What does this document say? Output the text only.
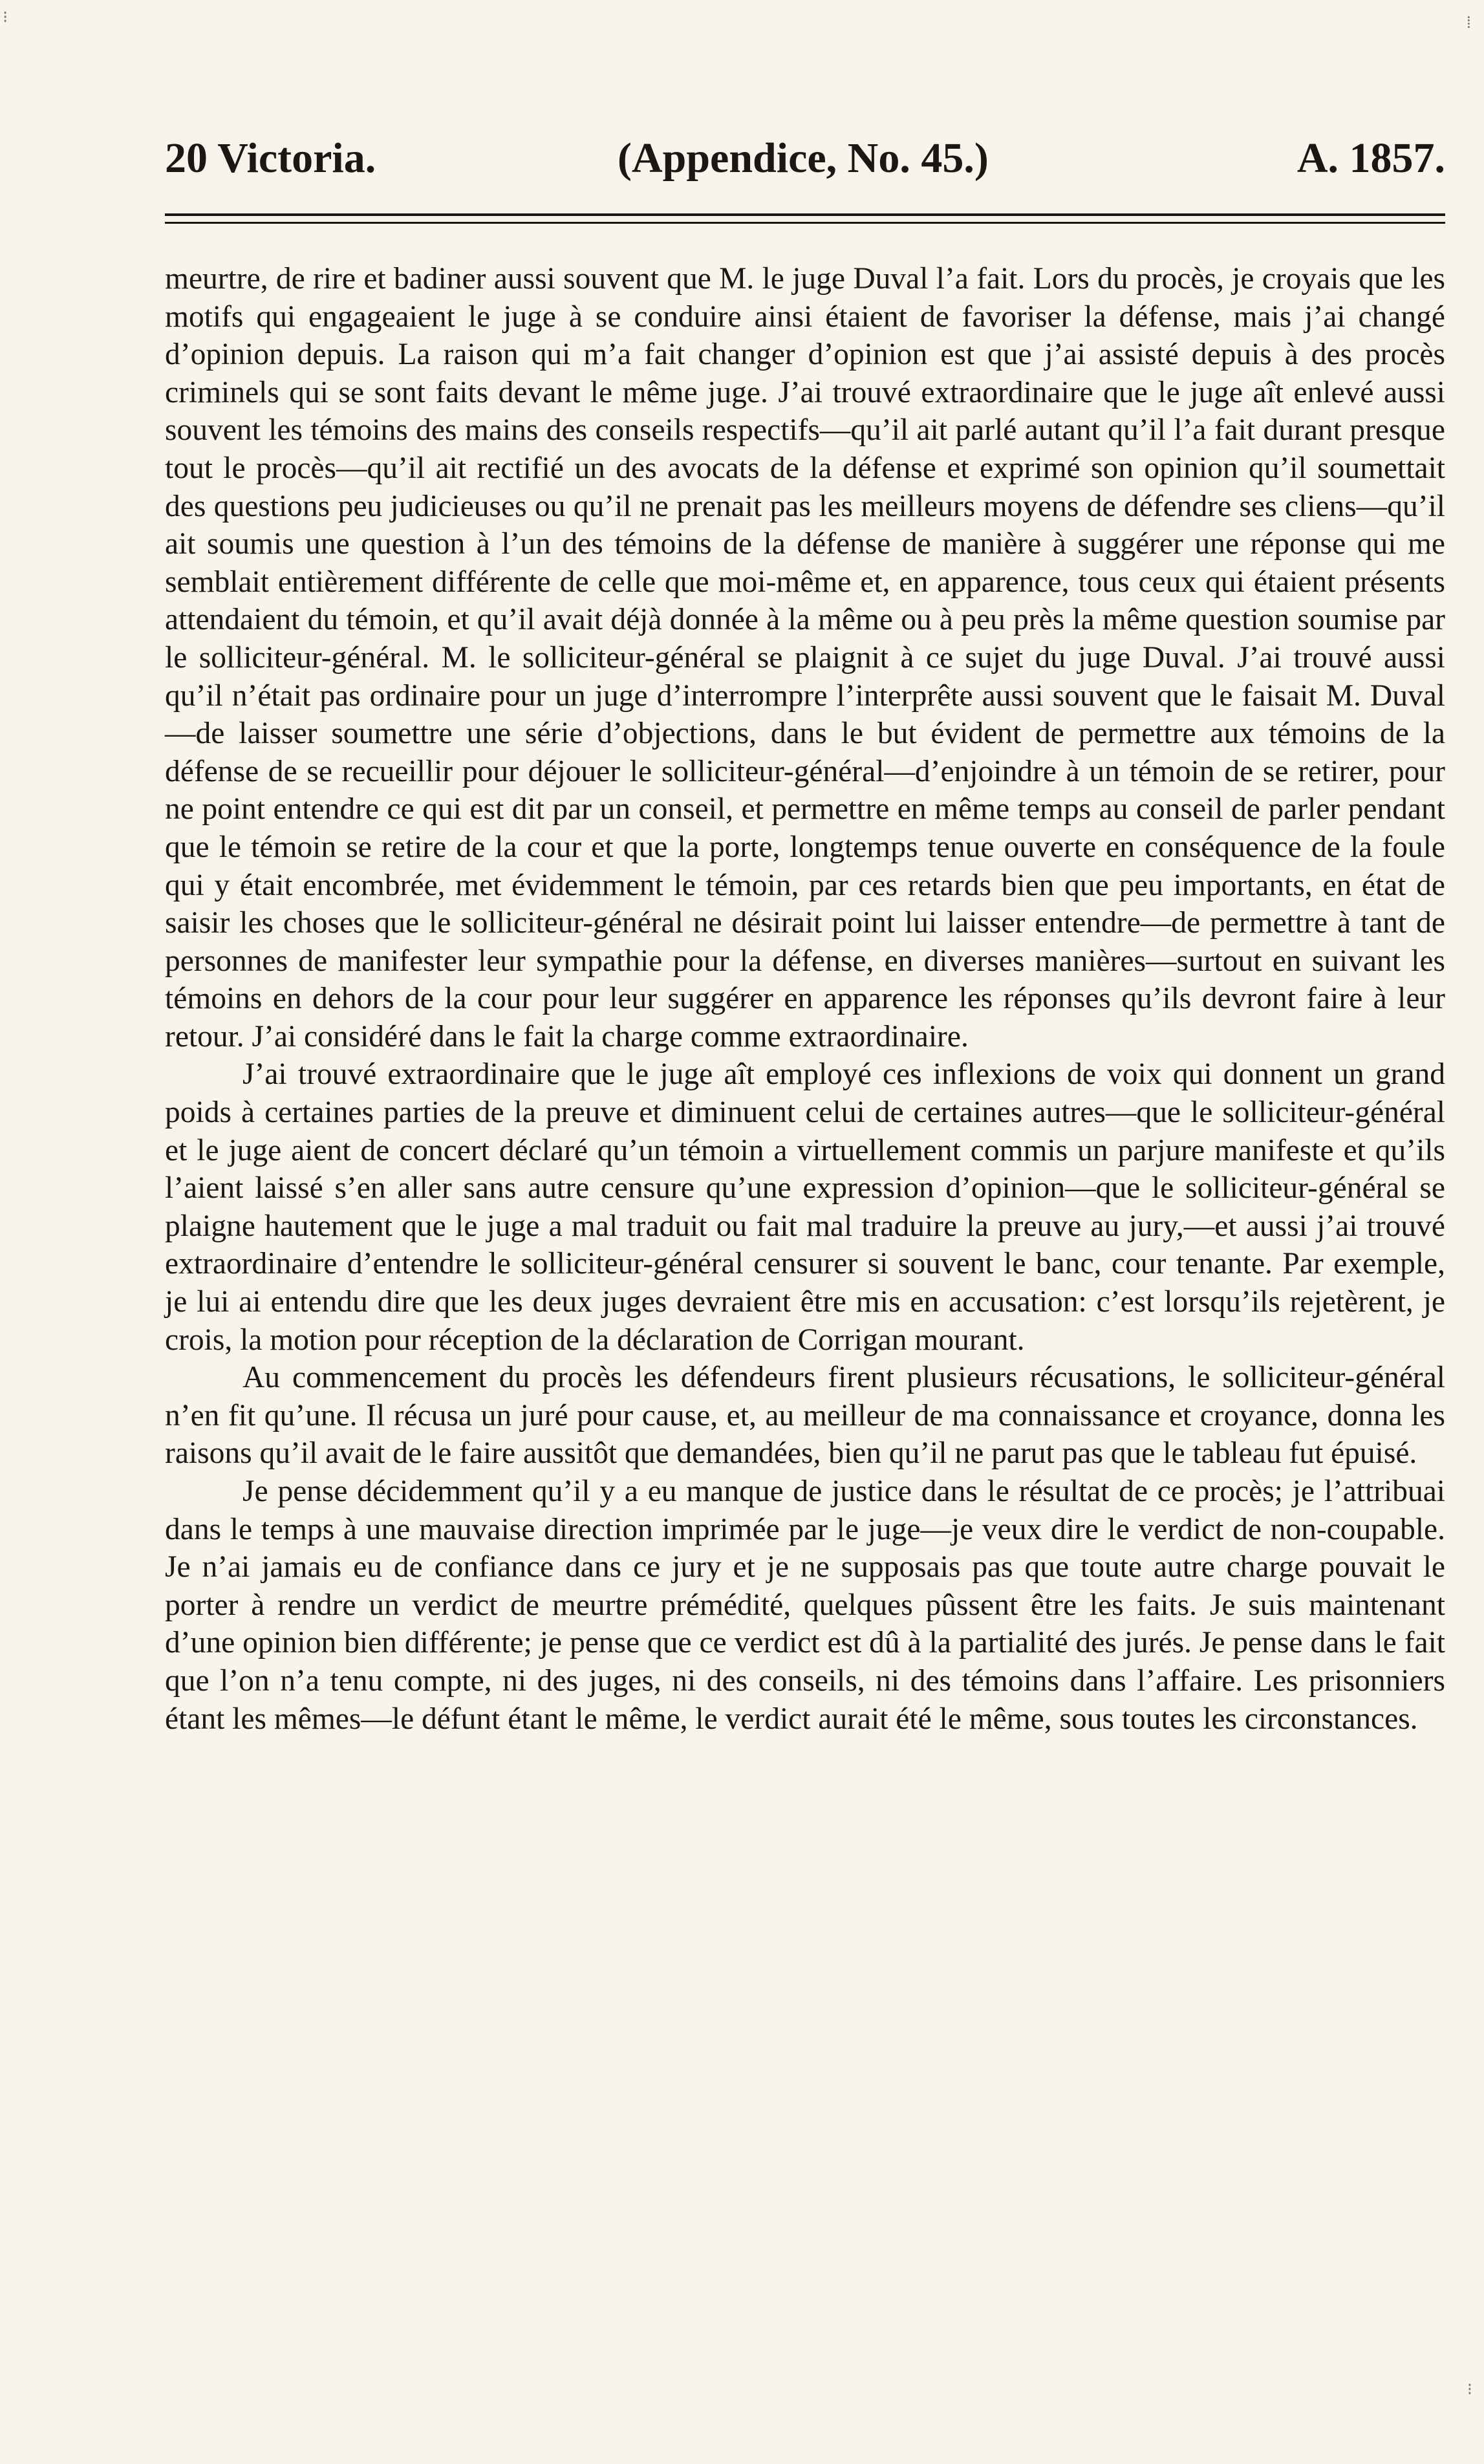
⁝	⁞
⁝
20 Victoria.	(Appendice, No. 45.)	A. 1857.

meurtre, de rire et badiner aussi souvent que M. le juge Duval l’a fait. Lors du procès, je croyais que les motifs qui engageaient le juge à se conduire ainsi étaient de favoriser la défense, mais j’ai changé d’opinion depuis. La raison qui m’a fait changer d’opinion est que j’ai assisté depuis à des procès criminels qui se sont faits devant le même juge. J’ai trouvé extraordinaire que le juge aît enlevé aussi souvent les témoins des mains des conseils respectifs—qu’il ait parlé autant qu’il l’a fait durant presque tout le procès—qu’il ait rectifié un des avocats de la défense et exprimé son opinion qu’il soumettait des questions peu judicieuses ou qu’il ne prenait pas les meilleurs moyens de défendre ses cliens—qu’il ait soumis une question à l’un des témoins de la défense de manière à suggérer une réponse qui me semblait entièrement différente de celle que moi-même et, en apparence, tous ceux qui étaient présents attendaient du témoin, et qu’il avait déjà donnée à la même ou à peu près la même question soumise par le solliciteur-général. M. le solliciteur-général se plaignit à ce sujet du juge Duval. J’ai trouvé aussi qu’il n’était pas ordinaire pour un juge d’interrompre l’interprête aussi souvent que le faisait M. Duval—de laisser soumettre une série d’objections, dans le but évident de permettre aux témoins de la défense de se recueillir pour déjouer le solliciteur-général—d’enjoindre à un témoin de se retirer, pour ne point entendre ce qui est dit par un conseil, et permettre en même temps au conseil de parler pendant que le témoin se retire de la cour et que la porte, longtemps tenue ouverte en conséquence de la foule qui y était encombrée, met évidemment le témoin, par ces retards bien que peu importants, en état de saisir les choses que le solliciteur-général ne désirait point lui laisser entendre—de permettre à tant de personnes de manifester leur sympathie pour la défense, en diverses manières—surtout en suivant les témoins en dehors de la cour pour leur suggérer en apparence les réponses qu’ils devront faire à leur retour. J’ai considéré dans le fait la charge comme extraordinaire.

J’ai trouvé extraordinaire que le juge aît employé ces inflexions de voix qui donnent un grand poids à certaines parties de la preuve et diminuent celui de certaines autres—que le solliciteur-général et le juge aient de concert déclaré qu’un témoin a virtuellement commis un parjure manifeste et qu’ils l’aient laissé s’en aller sans autre censure qu’une expression d’opinion—que le solliciteur-général se plaigne hautement que le juge a mal traduit ou fait mal traduire la preuve au jury,—et aussi j’ai trouvé extraordinaire d’entendre le solliciteur-général censurer si souvent le banc, cour tenante. Par exemple, je lui ai entendu dire que les deux juges devraient être mis en accusation: c’est lorsqu’ils rejetèrent, je crois, la motion pour réception de la déclaration de Corrigan mourant.

Au commencement du procès les défendeurs firent plusieurs récusations, le solliciteur-général n’en fit qu’une. Il récusa un juré pour cause, et, au meilleur de ma connaissance et croyance, donna les raisons qu’il avait de le faire aussitôt que demandées, bien qu’il ne parut pas que le tableau fut épuisé.

Je pense décidemment qu’il y a eu manque de justice dans le résultat de ce procès; je l’attribuai dans le temps à une mauvaise direction imprimée par le juge—je veux dire le verdict de non-coupable. Je n’ai jamais eu de confiance dans ce jury et je ne supposais pas que toute autre charge pouvait le porter à rendre un verdict de meurtre prémédité, quelques pûssent être les faits. Je suis maintenant d’une opinion bien différente; je pense que ce verdict est dû à la partialité des jurés. Je pense dans le fait que l’on n’a tenu compte, ni des juges, ni des conseils, ni des témoins dans l’affaire. Les prisonniers étant les mêmes—le défunt étant le même, le verdict aurait été le même, sous toutes les circonstances.
